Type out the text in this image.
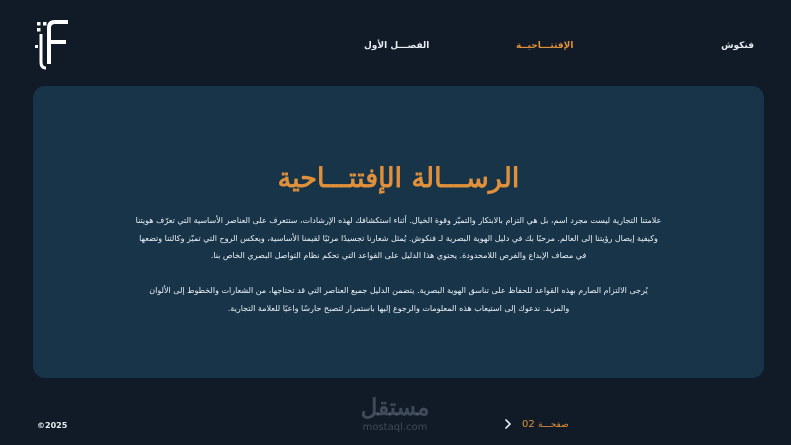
فنكوش
الإفتتـــاحيــة
الفصـــل الأول
الرســـالة الإفتتـــاحية

علامتنا التجارية ليست مجرد اسم، بل هي التزام بالابتكار والتميّز وقوة الخيال. أثناء استكشافك لهذه الإرشادات، ستتعرف على العناصر الأساسية التي تعرّف هويتنا وكيفية إيصال رؤيتنا إلى العالم. مرحبًا بك في دليل الهوية البصرية لـ فنكوش. يُمثل شعارنا تجسيدًا مرئيًا لقيمنا الأساسية، ويعكس الروح التي تميّز وكالتنا وتضعها في مصاف الإبداع والفرص اللامحدودة. يحتوي هذا الدليل على القواعد التي تحكم نظام التواصل البصري الخاص بنا.

يُرجى الالتزام الصارم بهذه القواعد للحفاظ على تناسق الهوية البصرية. يتضمن الدليل جميع العناصر التي قد تحتاجها، من الشعارات والخطوط إلى الألوان والمزيد. ندعوك إلى استيعاب هذه المعلومات والرجوع إليها باستمرار لتصبح حارسًا واعيًا للعلامة التجارية.

©2025
مستقل
mostaql.com	02 صفحـــة
